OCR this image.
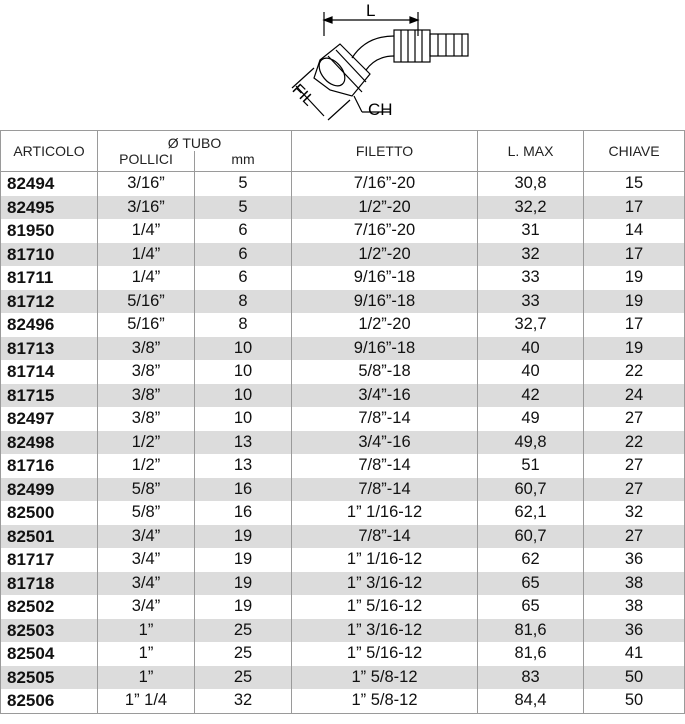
L
FIL	CH
ARTICOLO	Ø TUBO		FILETTO	L. MAX	CHIAVE
	POLLICI	mm			
82494	3/16”	5	7/16”-20	30,8	15
82495	3/16”	5	1/2”-20	32,2	17
81950	1/4”	6	7/16”-20	31	14
81710	1/4”	6	1/2”-20	32	17
81711	1/4”	6	9/16”-18	33	19
81712	5/16”	8	9/16”-18	33	19
82496	5/16”	8	1/2”-20	32,7	17
81713	3/8”	10	9/16”-18	40	19
81714	3/8”	10	5/8”-18	40	22
81715	3/8”	10	3/4”-16	42	24
82497	3/8”	10	7/8”-14	49	27
82498	1/2”	13	3/4”-16	49,8	22
81716	1/2”	13	7/8”-14	51	27
82499	5/8”	16	7/8”-14	60,7	27
82500	5/8”	16	1” 1/16-12	62,1	32
82501	3/4”	19	7/8”-14	60,7	27
81717	3/4”	19	1” 1/16-12	62	36
81718	3/4”	19	1” 3/16-12	65	38
82502	3/4”	19	1” 5/16-12	65	38
82503	1”	25	1” 3/16-12	81,6	36
82504	1”	25	1” 5/16-12	81,6	41
82505	1”	25	1” 5/8-12	83	50
82506	1” 1/4	32	1” 5/8-12	84,4	50
